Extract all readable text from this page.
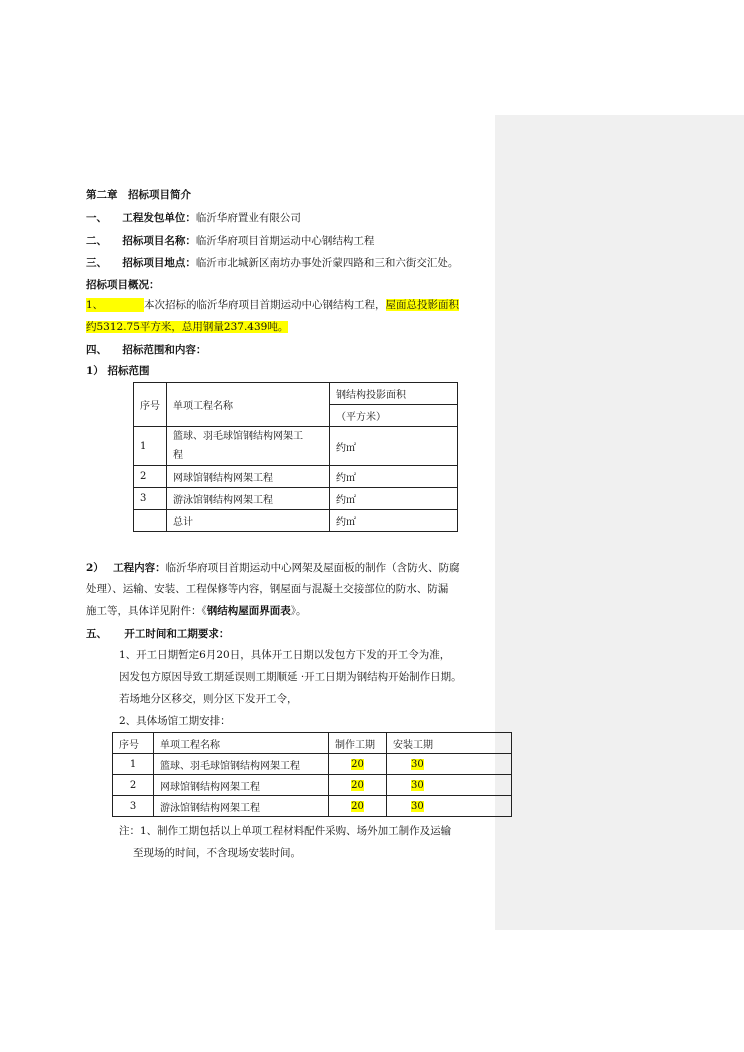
第二章　招标项目简介
一、 工程发包单位：临沂华府置业有限公司
二、 招标项目名称：临沂华府项目首期运动中心钢结构工程
三、 招标项目地点：临沂市北城新区南坊办事处沂蒙四路和三和六街交汇处。
招标项目概况：
1、	本次招标的临沂华府项目首期运动中心钢结构工程，屋面总投影面积
约5312.75平方米，总用钢量237.439吨。
四、 招标范围和内容：
1） 招标范围
序号	单项工程名称	钢结构投影面积
		（平方米）
1	篮球、羽毛球馆钢结构网架工
程	约㎡
2	网球馆钢结构网架工程	约㎡
3	游泳馆钢结构网架工程	约㎡
	总计	约㎡
2） 工程内容：临沂华府项目首期运动中心网架及屋面板的制作（含防火、防腐
处理）、运输、安装、工程保修等内容，钢屋面与混凝土交接部位的防水、防漏
施工等，具体详见附件：《钢结构屋面界面表》。
五、 开工时间和工期要求：
1、开工日期暂定6月20日，具体开工日期以发包方下发的开工令为准，
因发包方原因导致工期延误则工期顺延 ·开工日期为钢结构开始制作日期。
若场地分区移交，则分区下发开工令，
2、具体场馆工期安排：
序号	单项工程名称	制作工期	安装工期
1	篮球、羽毛球馆钢结构网架工程	20	30
2	网球馆钢结构网架工程	20	30
3	游泳馆钢结构网架工程	20	30
注：1、制作工期包括以上单项工程材料配件采购、场外加工制作及运输
至现场的时间，不含现场安装时间。
